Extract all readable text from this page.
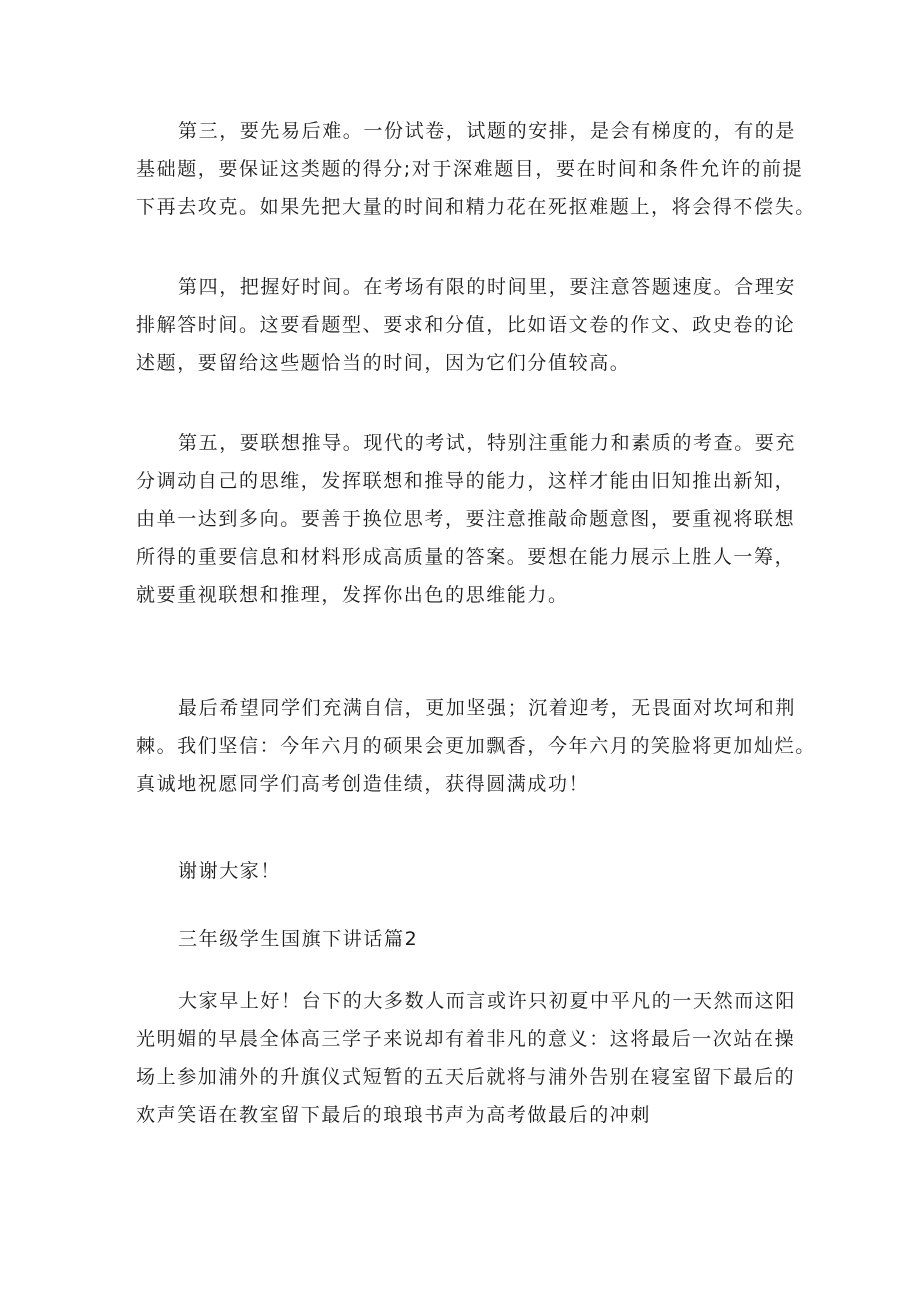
第三，要先易后难。一份试卷，试题的安排，是会有梯度的，有的是
基础题，要保证这类题的得分;对于深难题目，要在时间和条件允许的前提
下再去攻克。如果先把大量的时间和精力花在死抠难题上，将会得不偿失。
第四，把握好时间。在考场有限的时间里，要注意答题速度。合理安
排解答时间。这要看题型、要求和分值，比如语文卷的作文、政史卷的论
述题，要留给这些题恰当的时间，因为它们分值较高。
第五，要联想推导。现代的考试，特别注重能力和素质的考查。要充
分调动自己的思维，发挥联想和推导的能力，这样才能由旧知推出新知，
由单一达到多向。要善于换位思考，要注意推敲命题意图，要重视将联想
所得的重要信息和材料形成高质量的答案。要想在能力展示上胜人一筹，
就要重视联想和推理，发挥你出色的思维能力。
最后希望同学们充满自信，更加坚强；沉着迎考，无畏面对坎坷和荆
棘。我们坚信：今年六月的硕果会更加飘香，今年六月的笑脸将更加灿烂。
真诚地祝愿同学们高考创造佳绩，获得圆满成功！
谢谢大家！
三年级学生国旗下讲话篇2
大家早上好！台下的大多数人而言或许只初夏中平凡的一天然而这阳
光明媚的早晨全体高三学子来说却有着非凡的意义：这将最后一次站在操
场上参加浦外的升旗仪式短暂的五天后就将与浦外告别在寝室留下最后的
欢声笑语在教室留下最后的琅琅书声为高考做最后的冲刺
